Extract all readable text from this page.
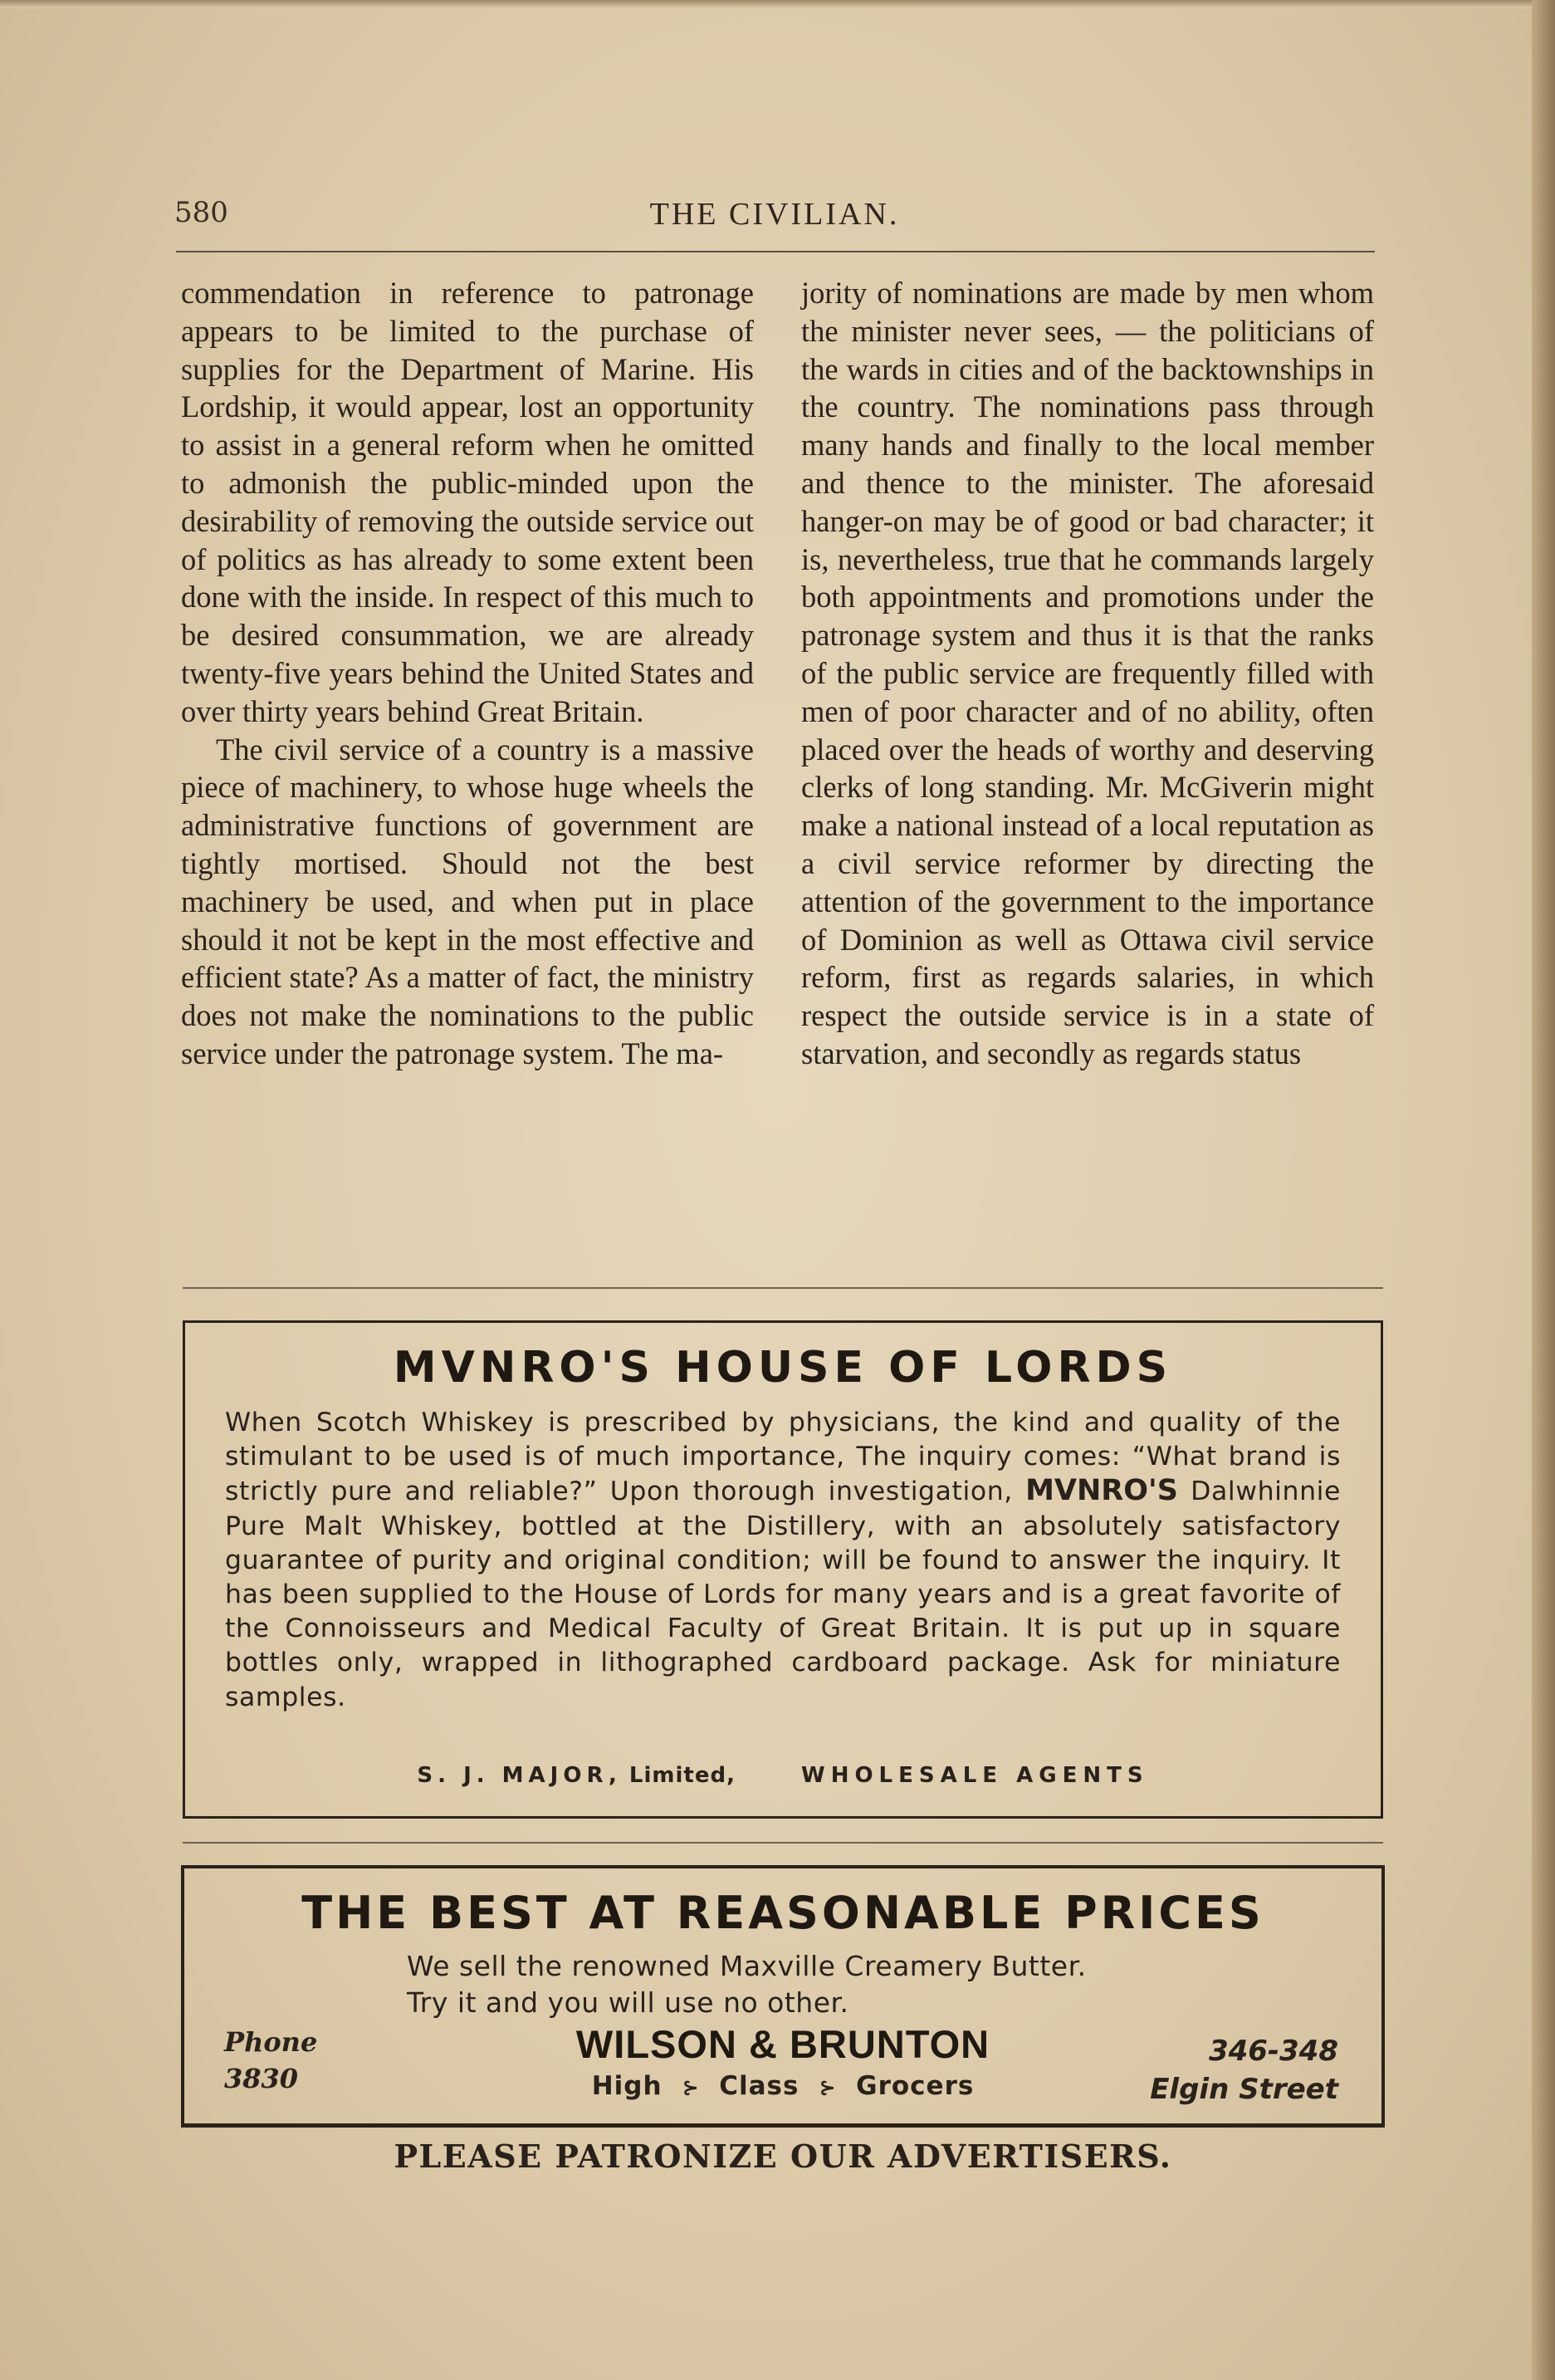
580	THE CIVILIAN.

commendation in reference to patronage appears to be limited to the purchase of supplies for the Department of Marine. His Lordship, it would appear, lost an opportunity to assist in a general reform when he omitted to admonish the public-minded upon the desirability of removing the outside service out of politics as has already to some extent been done with the inside. In respect of this much to be desired consummation, we are already twenty-five years behind the United States and over thirty years behind Great Britain.

The civil service of a country is a massive piece of machinery, to whose huge wheels the administrative functions of government are tightly mortised. Should not the best machinery be used, and when put in place should it not be kept in the most effective and efficient state? As a matter of fact, the ministry does not make the nominations to the public service under the patronage system. The ma-

jority of nominations are made by men whom the minister never sees, — the politicians of the wards in cities and of the backtownships in the country. The nominations pass through many hands and finally to the local member and thence to the minister. The aforesaid hanger-on may be of good or bad character; it is, nevertheless, true that he commands largely both appointments and promotions under the patronage system and thus it is that the ranks of the public service are frequently filled with men of poor character and of no ability, often placed over the heads of worthy and deserving clerks of long standing. Mr. McGiverin might make a national instead of a local reputation as a civil service reformer by directing the attention of the government to the importance of Dominion as well as Ottawa civil service reform, first as regards salaries, in which respect the outside service is in a state of starvation, and secondly as regards status

MVNRO'S HOUSE OF LORDS
When Scotch Whiskey is prescribed by physicians, the kind and quality of the stimulant to be used is of much importance, The inquiry comes: “What brand is strictly pure and reliable?” Upon thorough investigation, MVNRO'S Dalwhinnie Pure Malt Whiskey, bottled at the Distillery, with an absolutely satisfactory guarantee of purity and original condition; will be found to answer the inquiry. It has been supplied to the House of Lords for many years and is a great favorite of the Connoisseurs and Medical Faculty of Great Britain. It is put up in square bottles only, wrapped in lithographed cardboard package. Ask for miniature samples.
S. J. MAJOR, Limited,	WHOLESALE AGENTS
THE BEST AT REASONABLE PRICES
We sell the renowned Maxville Creamery Butter.
Try it and you will use no other.
Phone
3830
WILSON & BRUNTON
High ⊱ Class ⊱ Grocers
346-348
Elgin Street
PLEASE PATRONIZE OUR ADVERTISERS.
